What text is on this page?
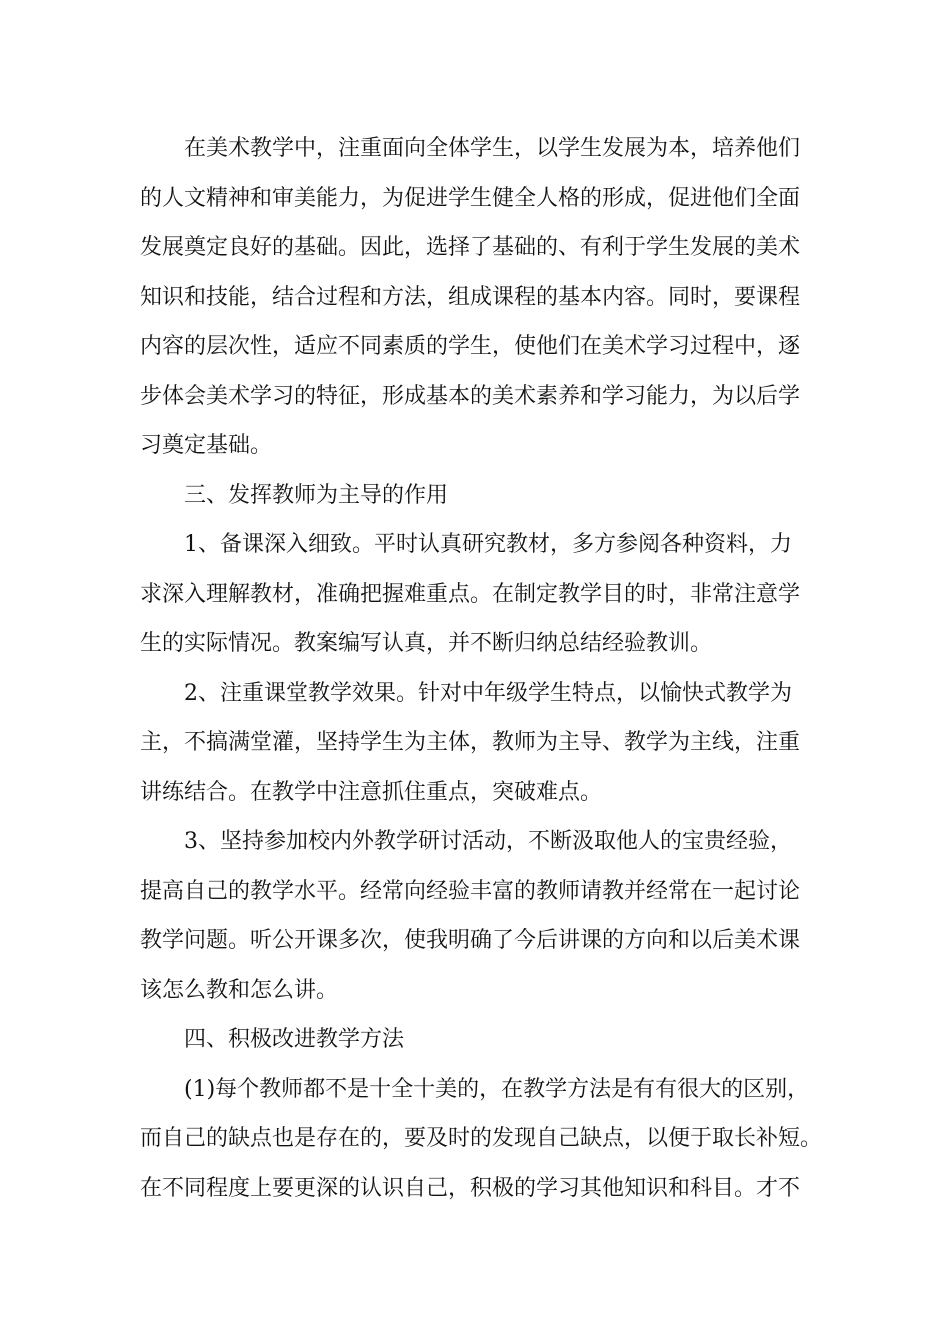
在美术教学中，注重面向全体学生，以学生发展为本，培养他们
的人文精神和审美能力，为促进学生健全人格的形成，促进他们全面
发展奠定良好的基础。因此，选择了基础的、有利于学生发展的美术
知识和技能，结合过程和方法，组成课程的基本内容。同时，要课程
内容的层次性，适应不同素质的学生，使他们在美术学习过程中，逐
步体会美术学习的特征，形成基本的美术素养和学习能力，为以后学
习奠定基础。

三、发挥教师为主导的作用

1、备课深入细致。平时认真研究教材，多方参阅各种资料，力
求深入理解教材，准确把握难重点。在制定教学目的时，非常注意学
生的实际情况。教案编写认真，并不断归纳总结经验教训。

2、注重课堂教学效果。针对中年级学生特点，以愉快式教学为
主，不搞满堂灌，坚持学生为主体，教师为主导、教学为主线，注重
讲练结合。在教学中注意抓住重点，突破难点。

3、坚持参加校内外教学研讨活动，不断汲取他人的宝贵经验，
提高自己的教学水平。经常向经验丰富的教师请教并经常在一起讨论
教学问题。听公开课多次，使我明确了今后讲课的方向和以后美术课
该怎么教和怎么讲。

四、积极改进教学方法

(1)每个教师都不是十全十美的，在教学方法是有有很大的区别，
而自己的缺点也是存在的，要及时的发现自己缺点，以便于取长补短。
在不同程度上要更深的认识自己，积极的学习其他知识和科目。才不
